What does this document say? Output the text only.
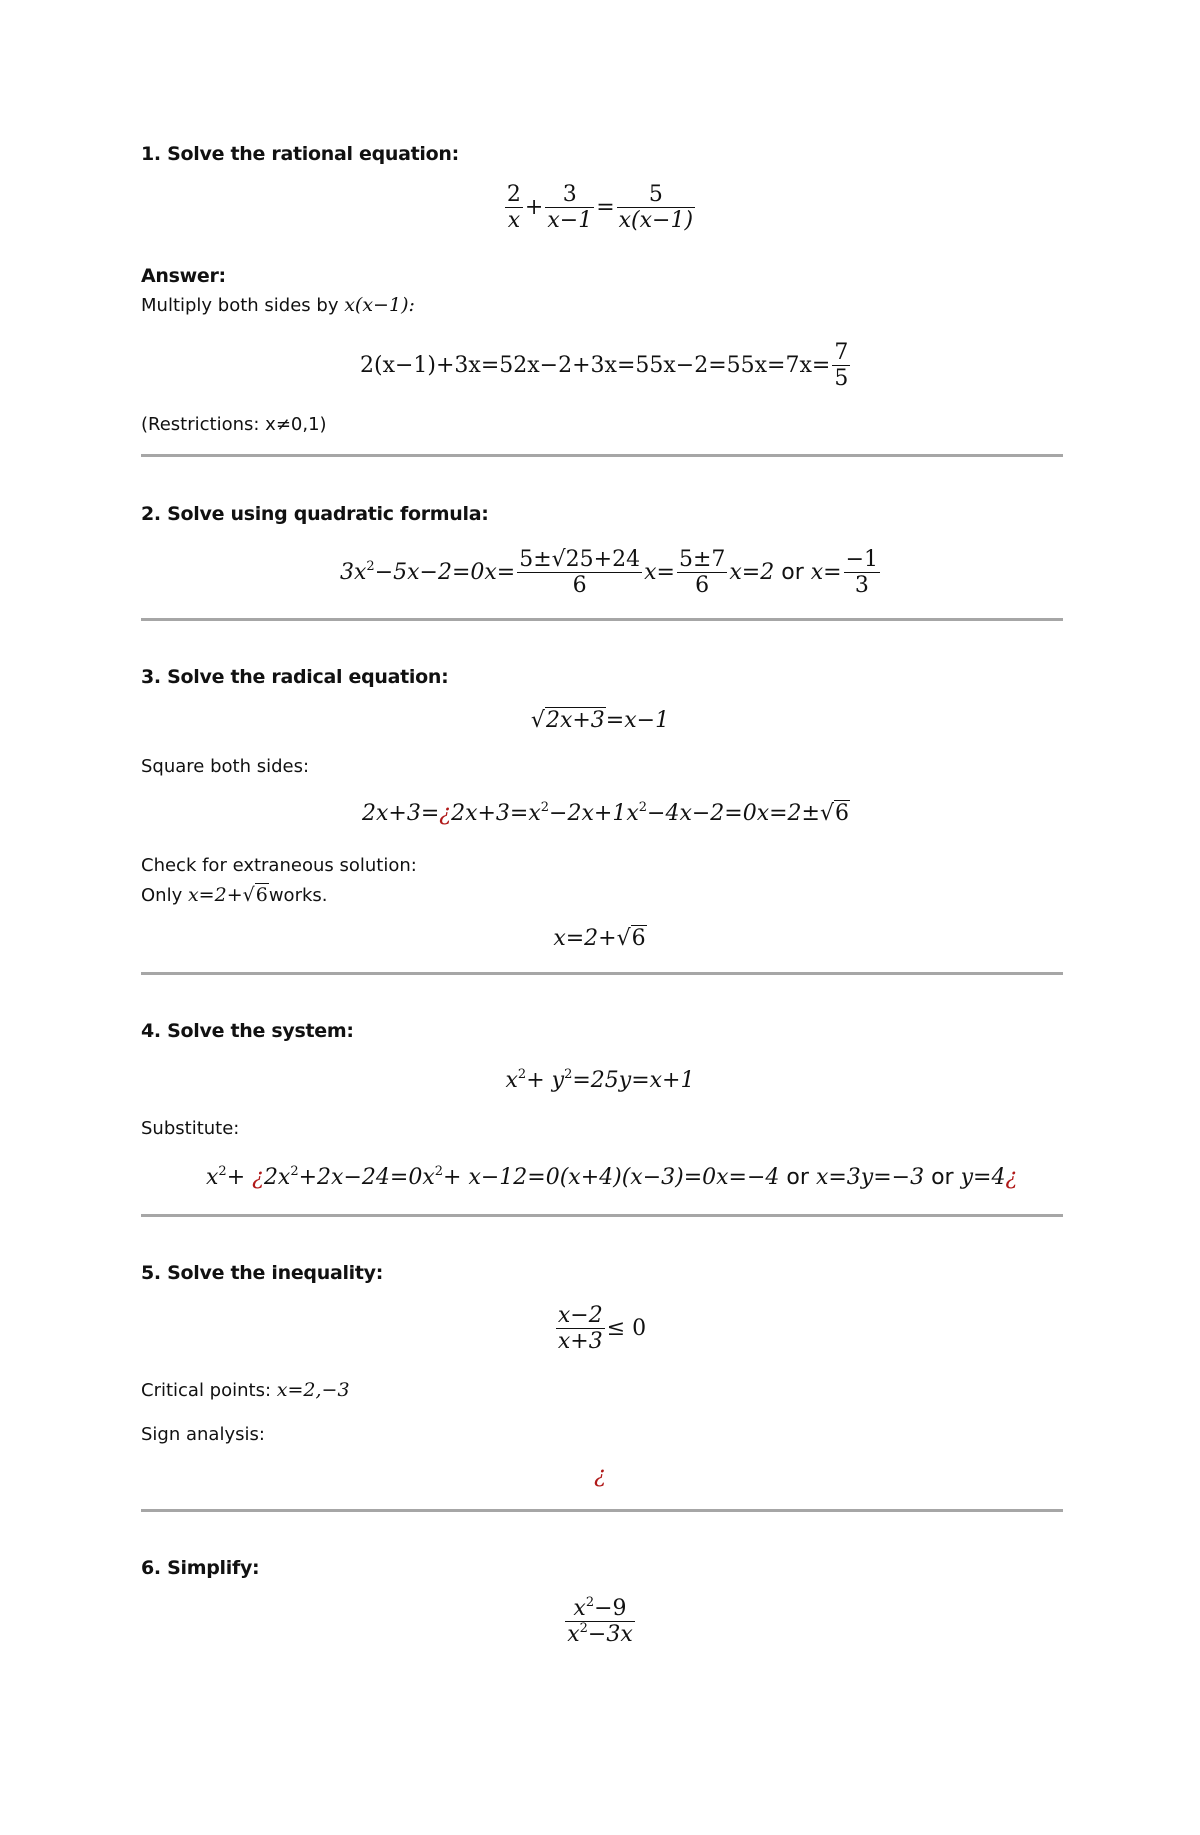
1. Solve the rational equation:
$\frac{2}{x} + \frac{3}{x-1} = \frac{5}{x(x-1)}$
Answer:
Multiply both sides by x(x−1):
$2(x-1)+3x=52x-2+3x=55x-2=55x=7x= \frac{7}{5}$
(Restrictions: x≠0,1)
2. Solve using quadratic formula:
$3x^2-5x-2=0x= \frac{5\pm√25+24}{6} x= \frac{5\pm 7}{6} x=2$ or $x= \frac{-1}{3}$
3. Solve the radical equation:
√2x+3=x−1
Square both sides:
$2x+3=¿2x+3=x^2-2x+1x^2-4x-2=0x=2\pm√6$
Check for extraneous solution:
Only x=2+√6works.
x=2+√6
4. Solve the system:
$x^2+ y^2=25y=x+1$
Substitute:
$x^2+$ ¿$2x^2+2x-24=0x^2+ x-12=0(x+4)(x-3)=0x=-4$ or x=3y=−3 or y=4¿
5. Solve the inequality:
$\frac{x-2}{x+3} \le 0$
Critical points: x=2,−3
Sign analysis:
¿
6. Simplify:
$\frac{x^2-9}{x^2-3x}$
